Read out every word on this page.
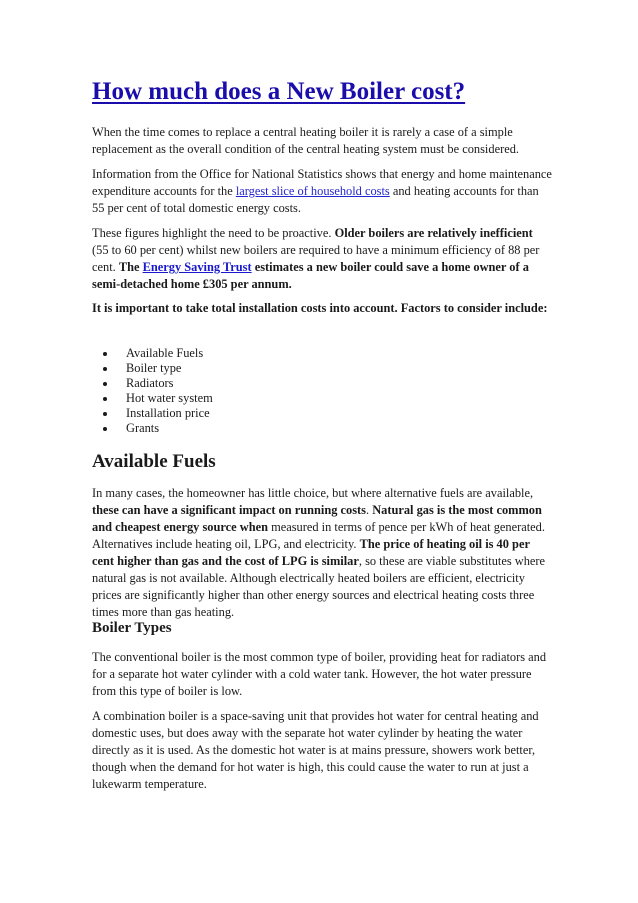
How much does a New Boiler cost?

When the time comes to replace a central heating boiler it is rarely a case of a simple replacement as the overall condition of the central heating system must be considered.

Information from the Office for National Statistics shows that energy and home maintenance expenditure accounts for the largest slice of household costs and heating accounts for than 55 per cent of total domestic energy costs.

These figures highlight the need to be proactive. Older boilers are relatively inefficient (55 to 60 per cent) whilst new boilers are required to have a minimum efficiency of 88 per cent. The Energy Saving Trust estimates a new boiler could save a home owner of a semi-detached home £305 per annum.

It is important to take total installation costs into account. Factors to consider include:

Available Fuels
Boiler type
Radiators
Hot water system
Installation price
Grants
Available Fuels

In many cases, the homeowner has little choice, but where alternative fuels are available, these can have a significant impact on running costs. Natural gas is the most common and cheapest energy source when measured in terms of pence per kWh of heat generated. Alternatives include heating oil, LPG, and electricity. The price of heating oil is 40 per cent higher than gas and the cost of LPG is similar, so these are viable substitutes where natural gas is not available. Although electrically heated boilers are efficient, electricity prices are significantly higher than other energy sources and electrical heating costs three times more than gas heating.

Boiler Types

The conventional boiler is the most common type of boiler, providing heat for radiators and for a separate hot water cylinder with a cold water tank. However, the hot water pressure from this type of boiler is low.

A combination boiler is a space-saving unit that provides hot water for central heating and domestic uses, but does away with the separate hot water cylinder by heating the water directly as it is used. As the domestic hot water is at mains pressure, showers work better, though when the demand for hot water is high, this could cause the water to run at just a lukewarm temperature.
